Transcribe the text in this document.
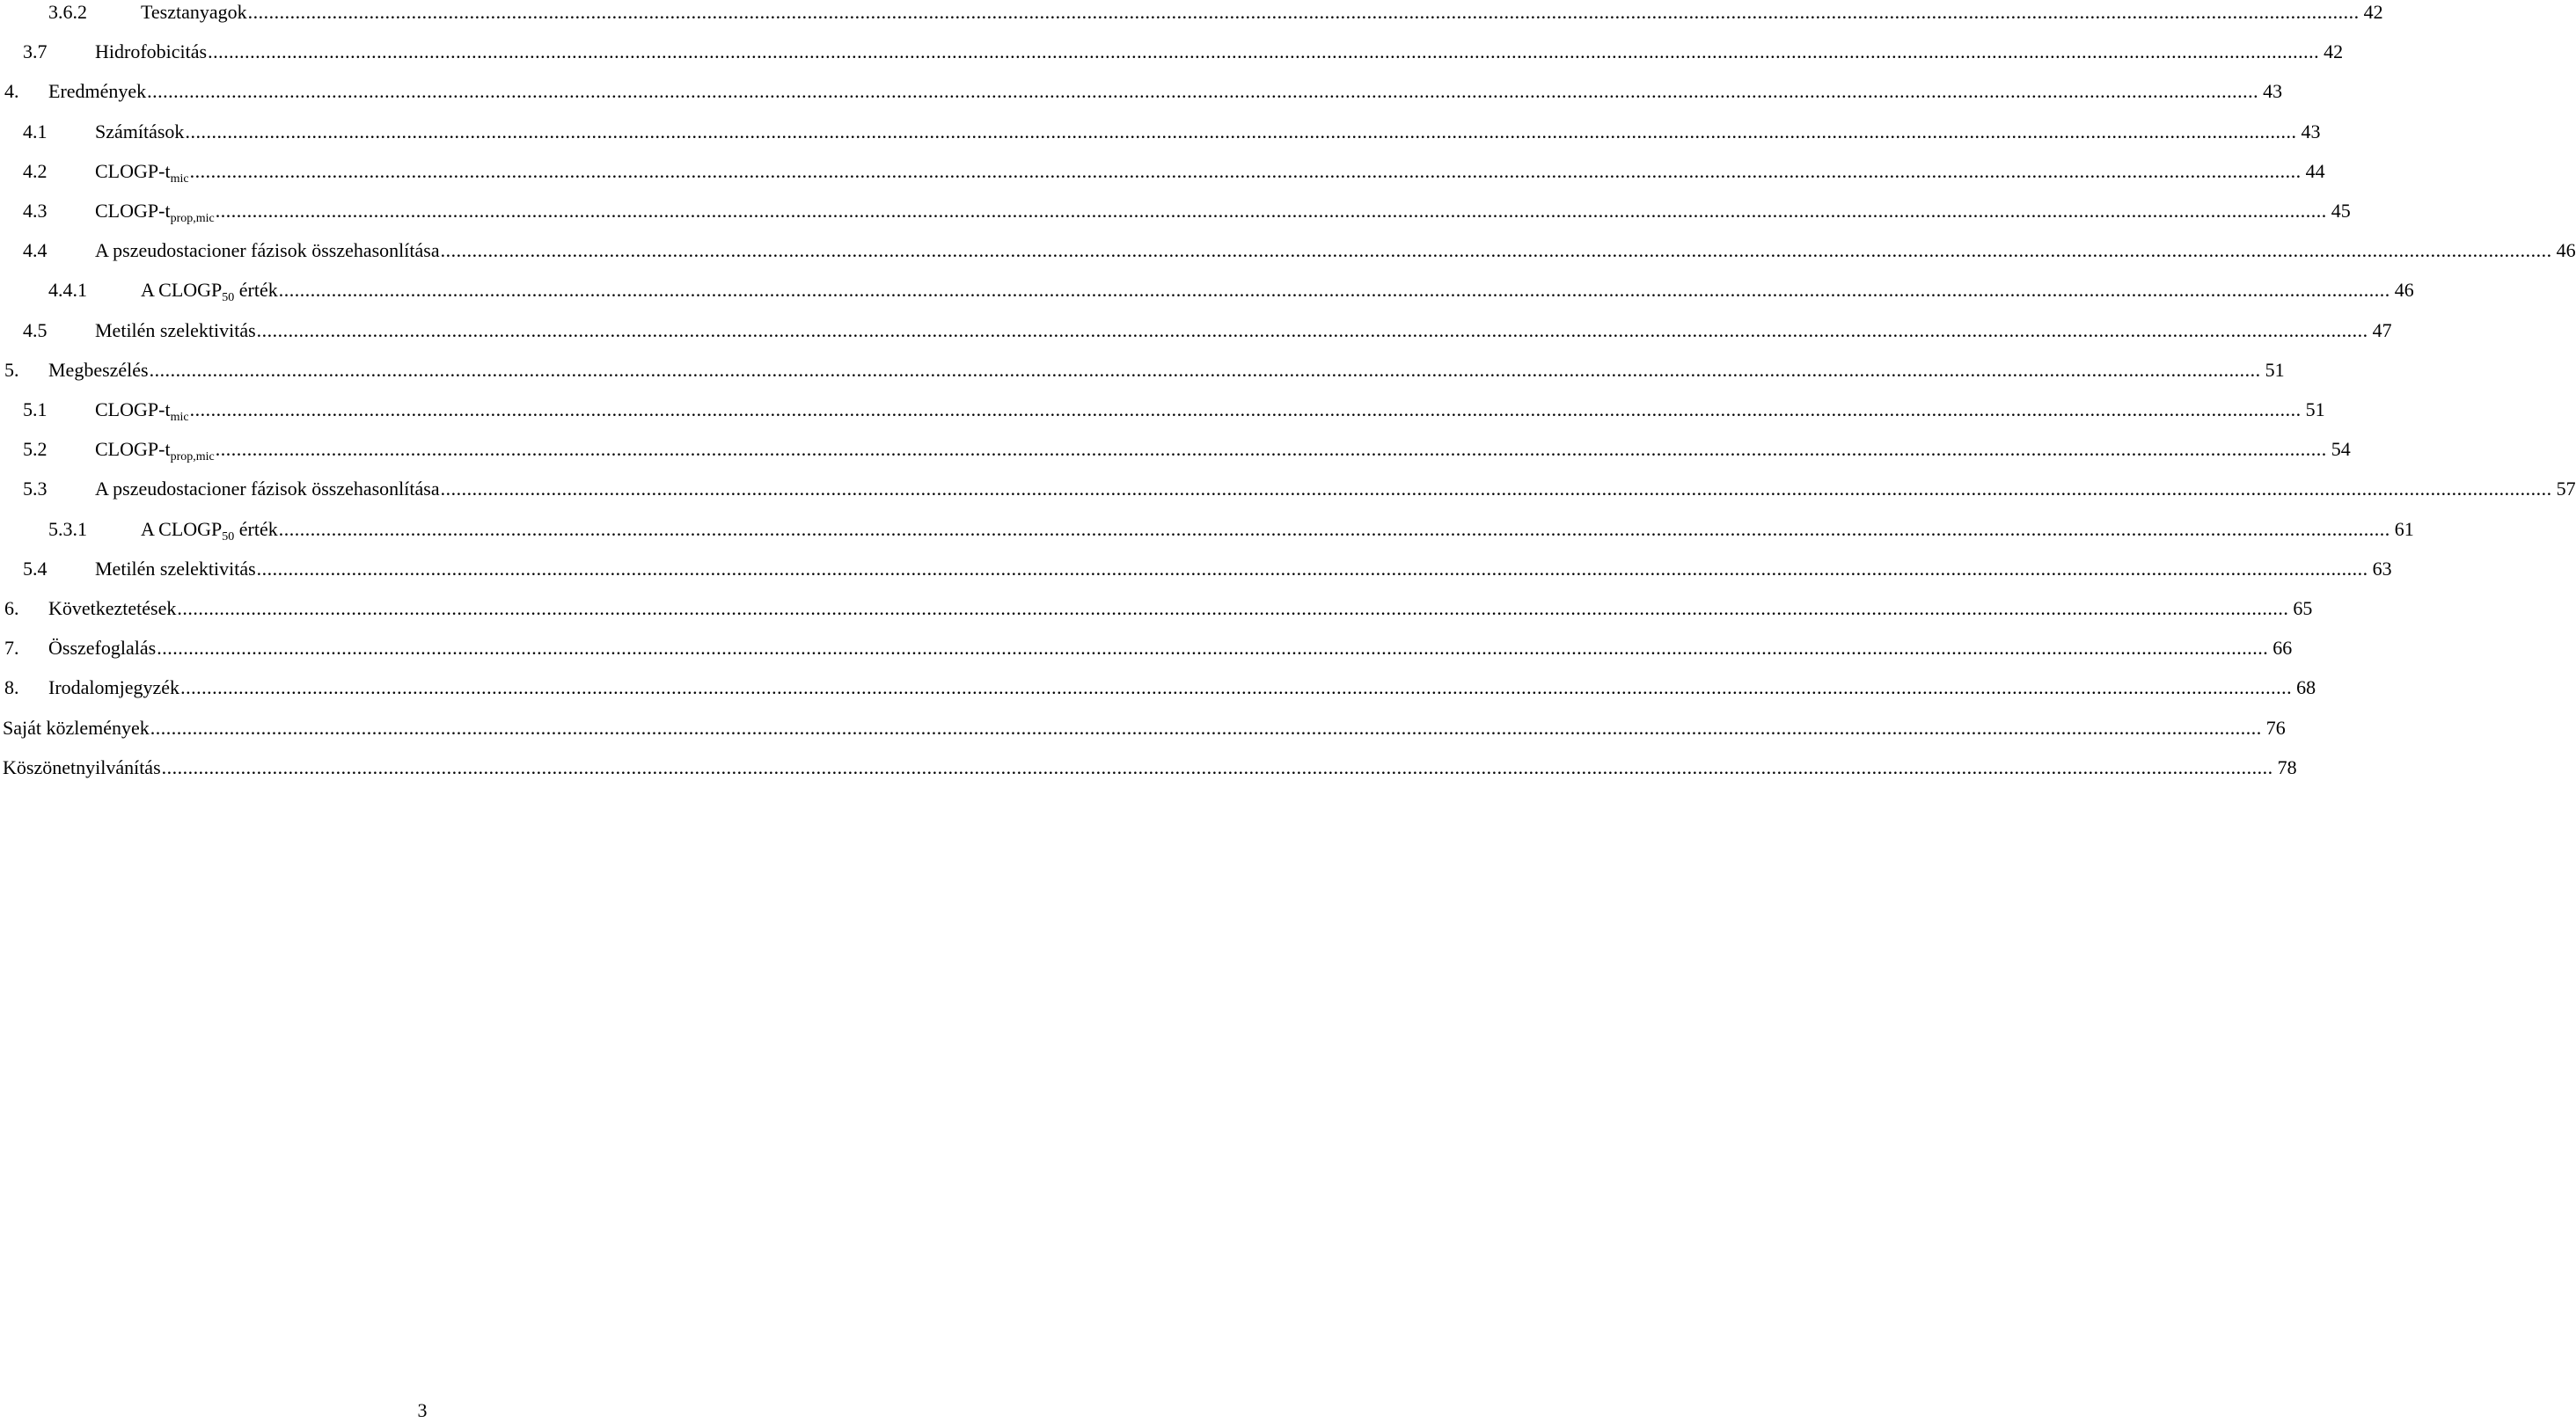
3.6.2	Tesztanyagok ................................................................................................................................................................................................................................................................................................................................................................................................................ 42
3.7 Hidrofobicitás ................................................................................................................................................................................................................................................................................................................................................................................................................ 42
4. Eredmények ................................................................................................................................................................................................................................................................................................................................................................................................................ 43
4.1 Számítások ................................................................................................................................................................................................................................................................................................................................................................................................................ 43
4.2 CLOGP-$t_{mic}$ ................................................................................................................................................................................................................................................................................................................................................................................................................ 44
4.3 CLOGP-$t_{prop,mic}$ ................................................................................................................................................................................................................................................................................................................................................................................................................ 45
4.4 A pszeudostacioner fázisok összehasonlítása ................................................................................................................................................................................................................................................................................................................................................................................................................ 46
4.4.1	A $CLOGP_{50}$ érték ................................................................................................................................................................................................................................................................................................................................................................................................................ 46
4.5 Metilén szelektivitás ................................................................................................................................................................................................................................................................................................................................................................................................................ 47
5. Megbeszélés ................................................................................................................................................................................................................................................................................................................................................................................................................ 51
5.1 CLOGP-$t_{mic}$ ................................................................................................................................................................................................................................................................................................................................................................................................................ 51
5.2 CLOGP-$t_{prop,mic}$ ................................................................................................................................................................................................................................................................................................................................................................................................................ 54
5.3 A pszeudostacioner fázisok összehasonlítása ................................................................................................................................................................................................................................................................................................................................................................................................................ 57
5.3.1	A $CLOGP_{50}$ érték ................................................................................................................................................................................................................................................................................................................................................................................................................ 61
5.4 Metilén szelektivitás ................................................................................................................................................................................................................................................................................................................................................................................................................ 63
6. Következtetések ................................................................................................................................................................................................................................................................................................................................................................................................................ 65
7. Összefoglalás ................................................................................................................................................................................................................................................................................................................................................................................................................ 66
8. Irodalomjegyzék ................................................................................................................................................................................................................................................................................................................................................................................................................ 68
Saját közlemények ................................................................................................................................................................................................................................................................................................................................................................................................................ 76
Köszönetnyilvánítás ................................................................................................................................................................................................................................................................................................................................................................................................................ 78
3
